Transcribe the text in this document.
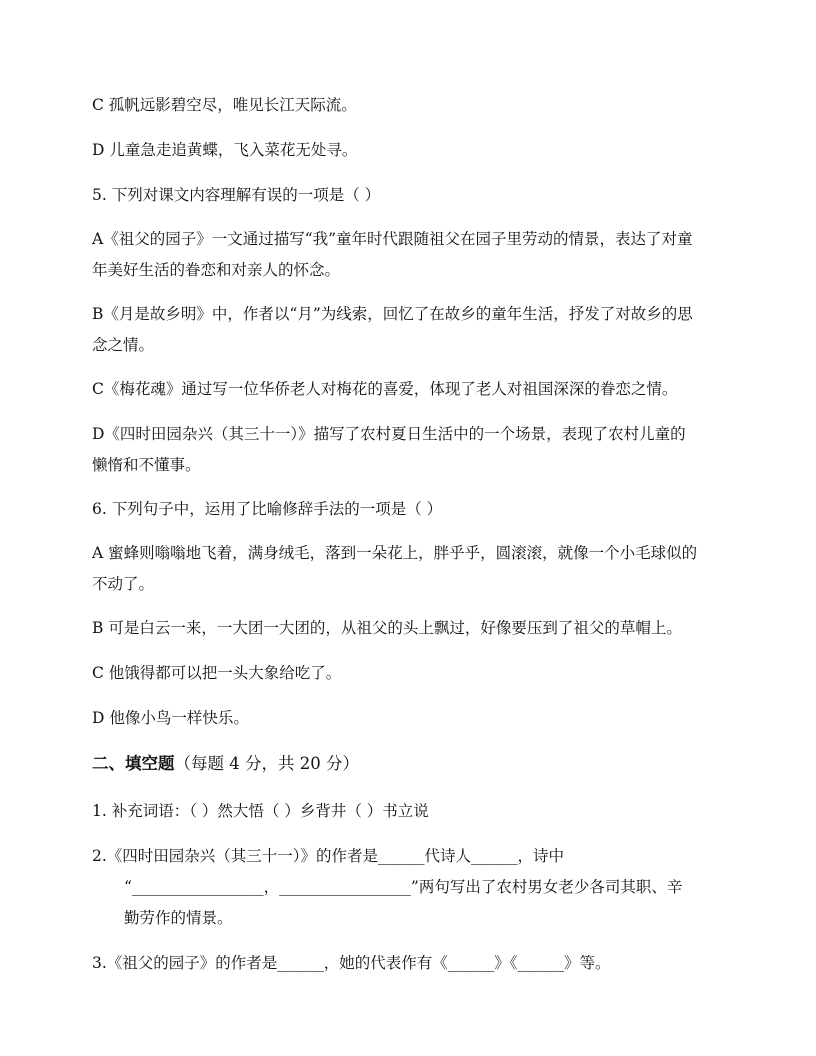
C 孤帆远影碧空尽，唯见长江天际流。

D 儿童急走追黄蝶，飞入菜花无处寻。

5. 下列对课文内容理解有误的一项是（ ）

A《祖父的园子》一文通过描写“我”童年时代跟随祖父在园子里劳动的情景，表达了对童
年美好生活的眷恋和对亲人的怀念。

B《月是故乡明》中，作者以“月”为线索，回忆了在故乡的童年生活，抒发了对故乡的思
念之情。

C《梅花魂》通过写一位华侨老人对梅花的喜爱，体现了老人对祖国深深的眷恋之情。

D《四时田园杂兴（其三十一）》描写了农村夏日生活中的一个场景，表现了农村儿童的
懒惰和不懂事。

6. 下列句子中，运用了比喻修辞手法的一项是（ ）

A 蜜蜂则嗡嗡地飞着，满身绒毛，落到一朵花上，胖乎乎，圆滚滚，就像一个小毛球似的
不动了。

B 可是白云一来，一大团一大团的，从祖父的头上飘过，好像要压到了祖父的草帽上。

C 他饿得都可以把一头大象给吃了。

D 他像小鸟一样快乐。

二、填空题（每题 4 分，共 20 分）

1. 补充词语：（ ）然大悟（ ）乡背井（ ）书立说

2.《四时田园杂兴（其三十一）》的作者是______代诗人______，诗中
“_________________，_________________”两句写出了农村男女老少各司其职、辛
勤劳作的情景。

3.《祖父的园子》的作者是______，她的代表作有《______》《______》等。
